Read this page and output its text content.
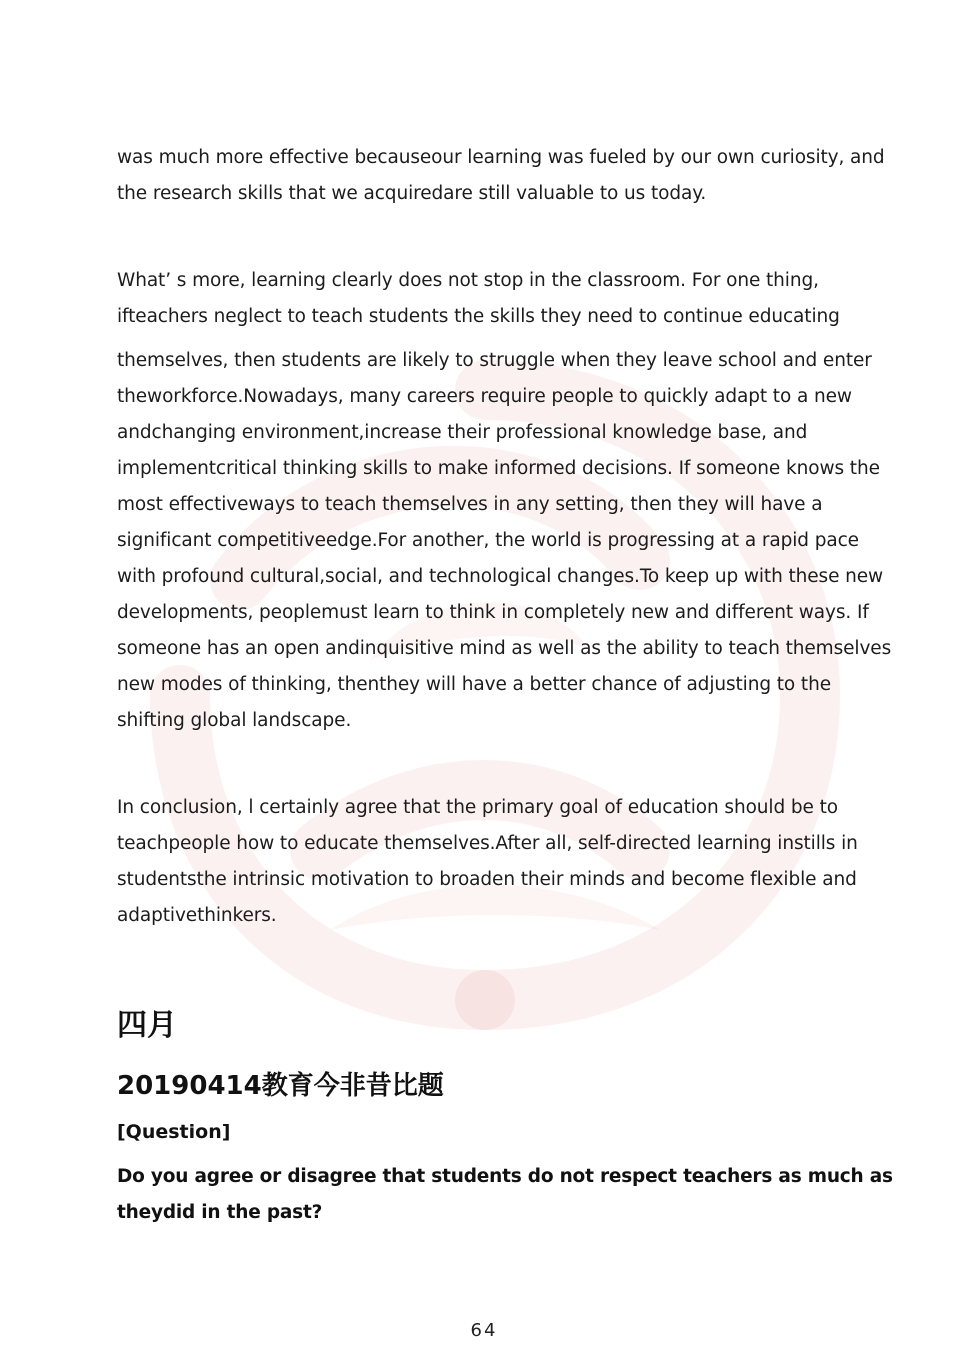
was much more effective becauseour learning was fueled by our own curiosity, and
the research skills that we acquiredare still valuable to us today.
What’ s more, learning clearly does not stop in the classroom. For one thing,
ifteachers neglect to teach students the skills they need to continue educating
themselves, then students are likely to struggle when they leave school and enter
theworkforce.Nowadays, many careers require people to quickly adapt to a new
andchanging environment,increase their professional knowledge base, and
implementcritical thinking skills to make informed decisions. If someone knows the
most effectiveways to teach themselves in any setting, then they will have a
significant competitiveedge.For another, the world is progressing at a rapid pace
with profound cultural,social, and technological changes.To keep up with these new
developments, peoplemust learn to think in completely new and different ways. If
someone has an open andinquisitive mind as well as the ability to teach themselves
new modes of thinking, thenthey will have a better chance of adjusting to the
shifting global landscape.
In conclusion, l certainly agree that the primary goal of education should be to
teachpeople how to educate themselves.After all, self-directed learning instills in
studentsthe intrinsic motivation to broaden their minds and become flexible and
adaptivethinkers.
四月
20190414教育今非昔比题
[Question]
Do you agree or disagree that students do not respect teachers as much as
theydid in the past?
64
